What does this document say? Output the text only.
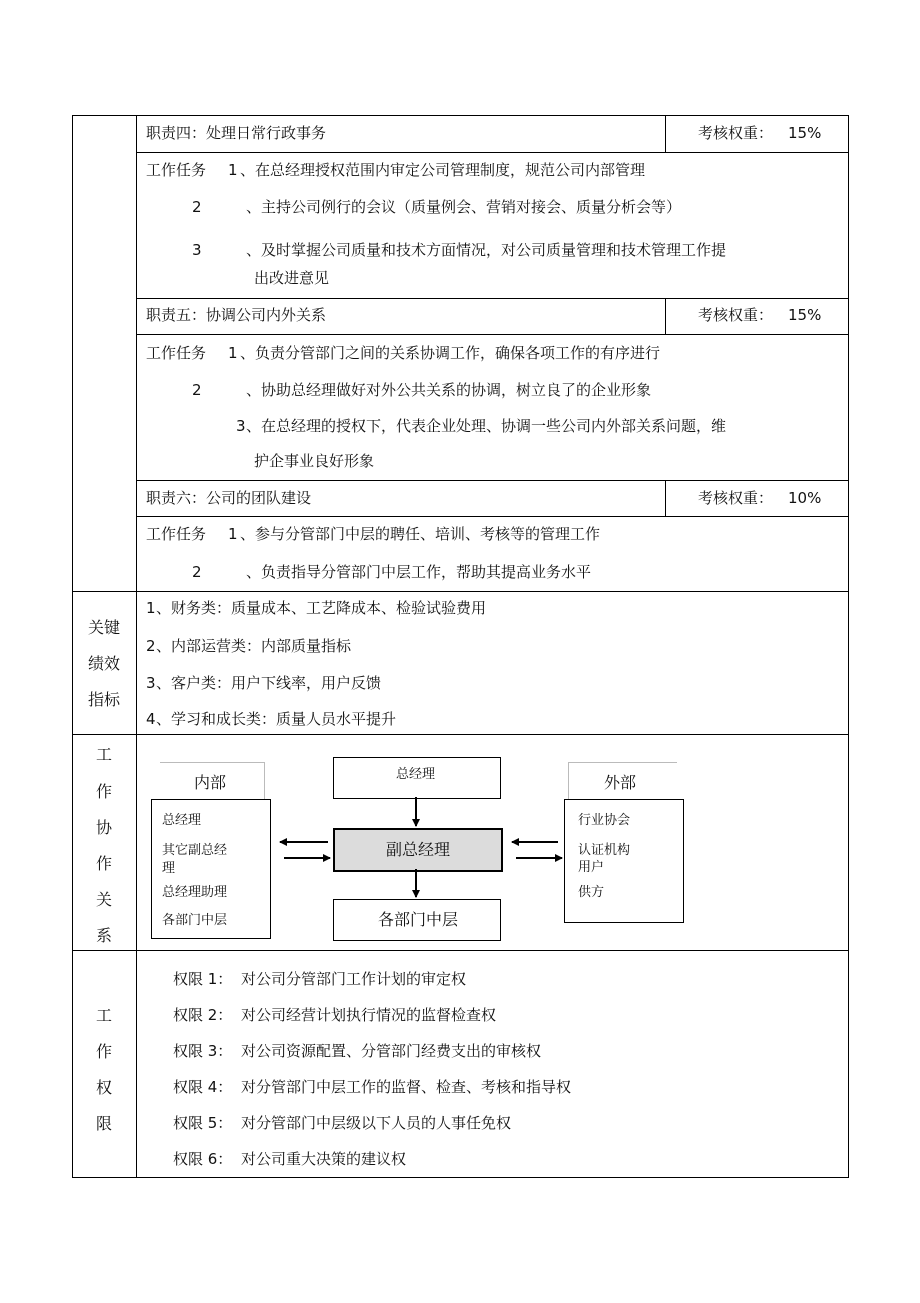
职责四：处理日常行政事务	考核权重： 15%
工作任务 1 、在总经理授权范围内审定公司管理制度，规范公司内部管理
2	、主持公司例行的会议（质量例会、营销对接会、质量分析会等）
3	、及时掌握公司质量和技术方面情况，对公司质量管理和技术管理工作提
出改进意见
职责五：协调公司内外关系	考核权重： 15%
工作任务 1 、负责分管部门之间的关系协调工作，确保各项工作的有序进行
2	、协助总经理做好对外公共关系的协调，树立良了的企业形象
3 、在总经理的授权下，代表企业处理、协调一些公司内外部关系问题，维
护企事业良好形象
职责六：公司的团队建设	考核权重： 10%
工作任务 1 、参与分管部门中层的聘任、培训、考核等的管理工作
2	、负责指导分管部门中层工作，帮助其提高业务水平
关键
绩效
指标
1 、财务类：质量成本、工艺降成本、检验试验费用
2 、内部运营类：内部质量指标
3 、客户类：用户下线率，用户反馈
4 、学习和成长类：质量人员水平提升
工
作
协
作
关
系
内部
总经理
其它副总经
理
总经理助理
各部门中层
总经理
副总经理
各部门中层
外部
行业协会
认证机构
用户
供方
工
作
权
限
权限 1： 对公司分管部门工作计划的审定权
权限 2： 对公司经营计划执行情况的监督检查权
权限 3： 对公司资源配置、分管部门经费支出的审核权
权限 4： 对分管部门中层工作的监督、检查、考核和指导权
权限 5： 对分管部门中层级以下人员的人事任免权
权限 6： 对公司重大决策的建议权
